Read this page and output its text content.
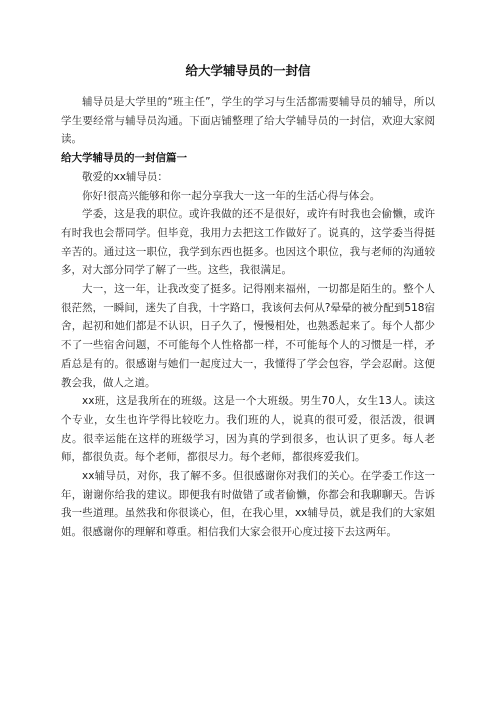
给大学辅导员的一封信

辅导员是大学里的“班主任”，学生的学习与生活都需要辅导员的辅导，所以学生要经常与辅导员沟通。下面店铺整理了给大学辅导员的一封信，欢迎大家阅读。

给大学辅导员的一封信篇一

敬爱的xx辅导员：

你好!很高兴能够和你一起分享我大一这一年的生活心得与体会。

学委，这是我的职位。或许我做的还不是很好，或许有时我也会偷懒，或许有时我也会帮同学。但毕竟，我用力去把这工作做好了。说真的，这学委当得挺辛苦的。通过这一职位，我学到东西也挺多。也因这个职位，我与老师的沟通较多，对大部分同学了解了一些。这些，我很满足。

大一，这一年，让我改变了挺多。记得刚来福州，一切都是陌生的。整个人很茫然，一瞬间，迷失了自我，十字路口，我该何去何从?晕晕的被分配到518宿舍，起初和她们都是不认识，日子久了，慢慢相处，也熟悉起来了。每个人都少不了一些宿舍问题，不可能每个人性格都一样，不可能每个人的习惯是一样，矛盾总是有的。很感谢与她们一起度过大一，我懂得了学会包容，学会忍耐。这便教会我，做人之道。

xx班，这是我所在的班级。这是一个大班级。男生70人，女生13人。读这个专业，女生也许学得比较吃力。我们班的人，说真的很可爱，很活泼，很调皮。很幸运能在这样的班级学习，因为真的学到很多，也认识了更多。每人老师，都很负责。每个老师，都很尽力。每个老师，都很疼爱我们。

xx辅导员，对你，我了解不多。但很感谢你对我们的关心。在学委工作这一年，谢谢你给我的建议。即便我有时做错了或者偷懒，你都会和我聊聊天。告诉我一些道理。虽然我和你很谈心，但，在我心里，xx辅导员，就是我们的大家姐姐。很感谢你的理解和尊重。相信我们大家会很开心度过接下去这两年。
